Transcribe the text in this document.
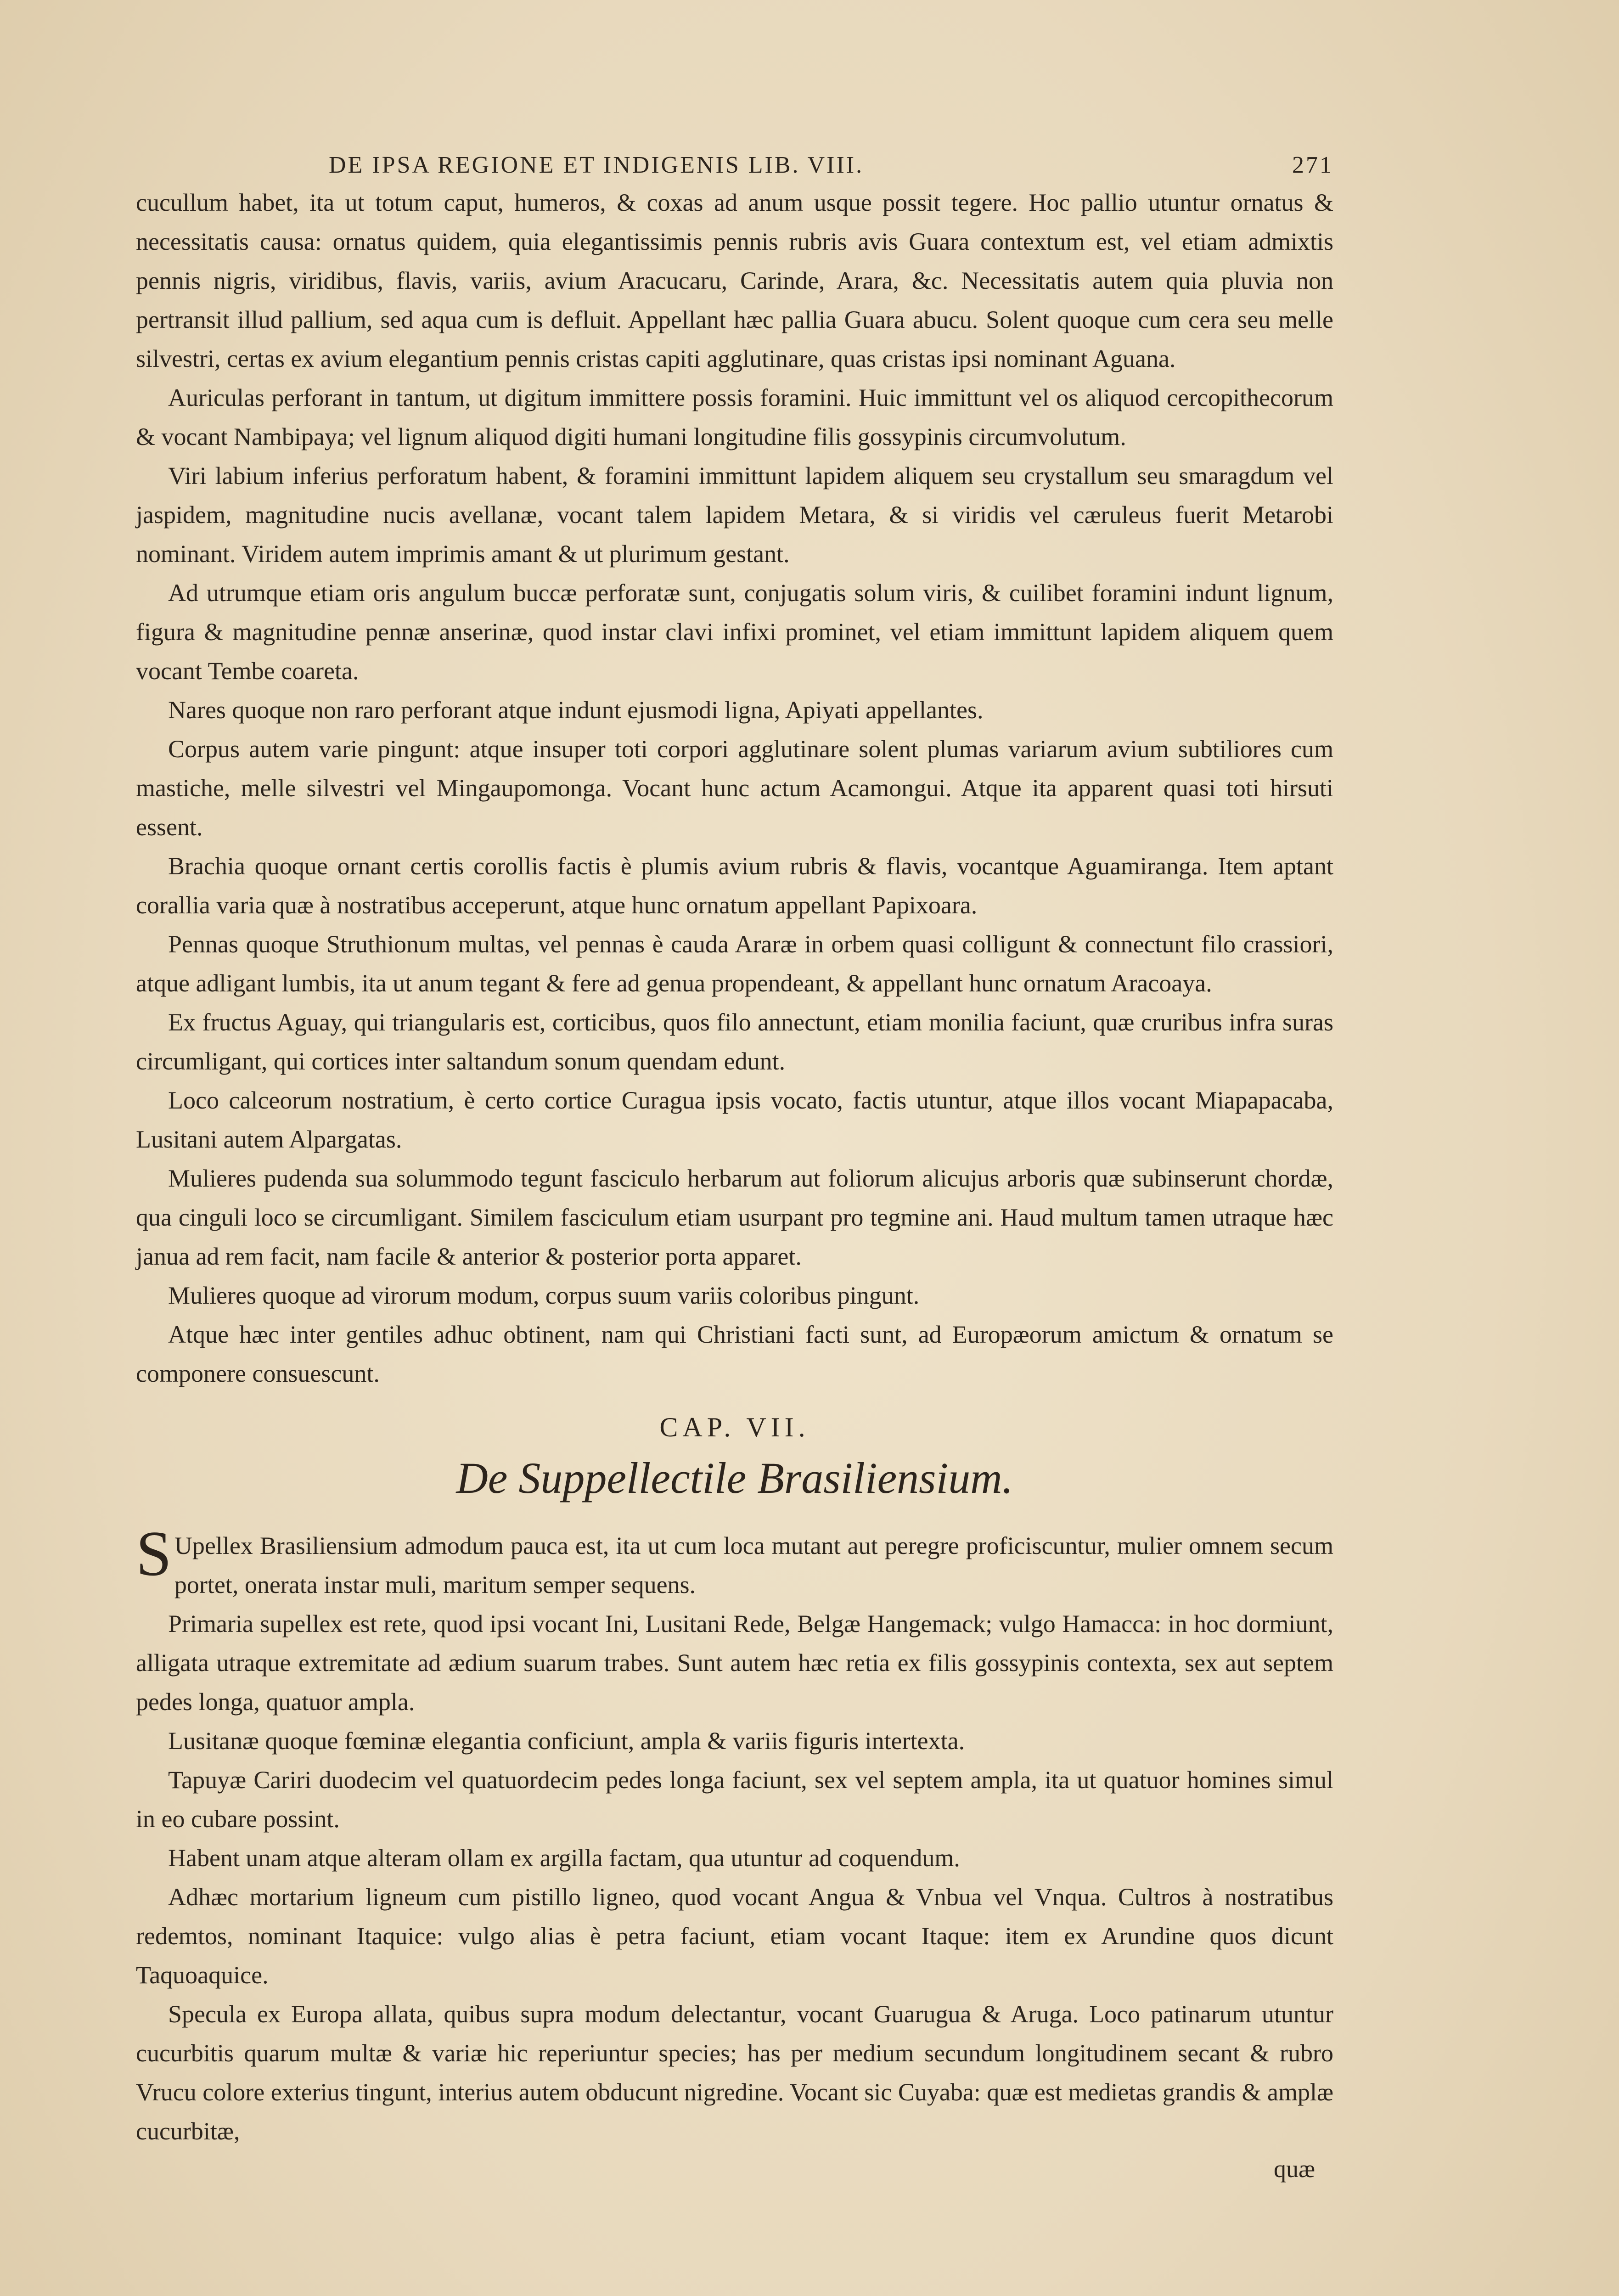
DE IPSA REGIONE ET INDIGENIS LIB. VIII.	271

cucullum habet, ita ut totum caput, humeros, & coxas ad anum usque possit tegere. Hoc pallio utuntur ornatus & necessitatis causa: ornatus quidem, quia elegantissimis pennis rubris avis Guara contextum est, vel etiam admixtis pennis nigris, viridibus, flavis, variis, avium Aracucaru, Carinde, Arara, &c. Necessitatis autem quia pluvia non pertransit illud pallium, sed aqua cum is defluit. Appellant hæc pallia Guara abucu. Solent quoque cum cera seu melle silvestri, certas ex avium elegantium pennis cristas capiti agglutinare, quas cristas ipsi nominant Aguana.

Auriculas perforant in tantum, ut digitum immittere possis foramini. Huic immittunt vel os aliquod cercopithecorum & vocant Nambipaya; vel lignum aliquod digiti humani longitudine filis gossypinis circumvolutum.

Viri labium inferius perforatum habent, & foramini immittunt lapidem aliquem seu crystallum seu smaragdum vel jaspidem, magnitudine nucis avellanæ, vocant talem lapidem Metara, & si viridis vel cæruleus fuerit Metarobi nominant. Viridem autem imprimis amant & ut plurimum gestant.

Ad utrumque etiam oris angulum buccæ perforatæ sunt, conjugatis solum viris, & cuilibet foramini indunt lignum, figura & magnitudine pennæ anserinæ, quod instar clavi infixi prominet, vel etiam immittunt lapidem aliquem quem vocant Tembe coareta.

Nares quoque non raro perforant atque indunt ejusmodi ligna, Apiyati appellantes.

Corpus autem varie pingunt: atque insuper toti corpori agglutinare solent plumas variarum avium subtiliores cum mastiche, melle silvestri vel Mingaupomonga. Vocant hunc actum Acamongui. Atque ita apparent quasi toti hirsuti essent.

Brachia quoque ornant certis corollis factis è plumis avium rubris & flavis, vocantque Aguamiranga. Item aptant corallia varia quæ à nostratibus acceperunt, atque hunc ornatum appellant Papixoara.

Pennas quoque Struthionum multas, vel pennas è cauda Araræ in orbem quasi colligunt & connectunt filo crassiori, atque adligant lumbis, ita ut anum tegant & fere ad genua propendeant, & appellant hunc ornatum Aracoaya.

Ex fructus Aguay, qui triangularis est, corticibus, quos filo annectunt, etiam monilia faciunt, quæ cruribus infra suras circumligant, qui cortices inter saltandum sonum quendam edunt.

Loco calceorum nostratium, è certo cortice Curagua ipsis vocato, factis utuntur, atque illos vocant Miapapacaba, Lusitani autem Alpargatas.

Mulieres pudenda sua solummodo tegunt fasciculo herbarum aut foliorum alicujus arboris quæ subinserunt chordæ, qua cinguli loco se circumligant. Similem fasciculum etiam usurpant pro tegmine ani. Haud multum tamen utraque hæc janua ad rem facit, nam facile & anterior & posterior porta apparet.

Mulieres quoque ad virorum modum, corpus suum variis coloribus pingunt.

Atque hæc inter gentiles adhuc obtinent, nam qui Christiani facti sunt, ad Europæorum amictum & ornatum se componere consuescunt.

CAP. VII.
De Suppellectile Brasiliensium.

S Upellex Brasiliensium admodum pauca est, ita ut cum loca mutant aut peregre proficiscuntur, mulier omnem secum portet, onerata instar muli, maritum semper sequens.

Primaria supellex est rete, quod ipsi vocant Ini, Lusitani Rede, Belgæ Hangemack; vulgo Hamacca: in hoc dormiunt, alligata utraque extremitate ad ædium suarum trabes. Sunt autem hæc retia ex filis gossypinis contexta, sex aut septem pedes longa, quatuor ampla.

Lusitanæ quoque fœminæ elegantia conficiunt, ampla & variis figuris intertexta.

Tapuyæ Cariri duodecim vel quatuordecim pedes longa faciunt, sex vel septem ampla, ita ut quatuor homines simul in eo cubare possint.

Habent unam atque alteram ollam ex argilla factam, qua utuntur ad coquendum.

Adhæc mortarium ligneum cum pistillo ligneo, quod vocant Angua & Vnbua vel Vnqua. Cultros à nostratibus redemtos, nominant Itaquice: vulgo alias è petra faciunt, etiam vocant Itaque: item ex Arundine quos dicunt Taquoaquice.

Specula ex Europa allata, quibus supra modum delectantur, vocant Guarugua & Aruga. Loco patinarum utuntur cucurbitis quarum multæ & variæ hic reperiuntur species; has per medium secundum longitudinem secant & rubro Vrucu colore exterius tingunt, interius autem obducunt nigredine. Vocant sic Cuyaba: quæ est medietas grandis & amplæ cucurbitæ,

quæ
